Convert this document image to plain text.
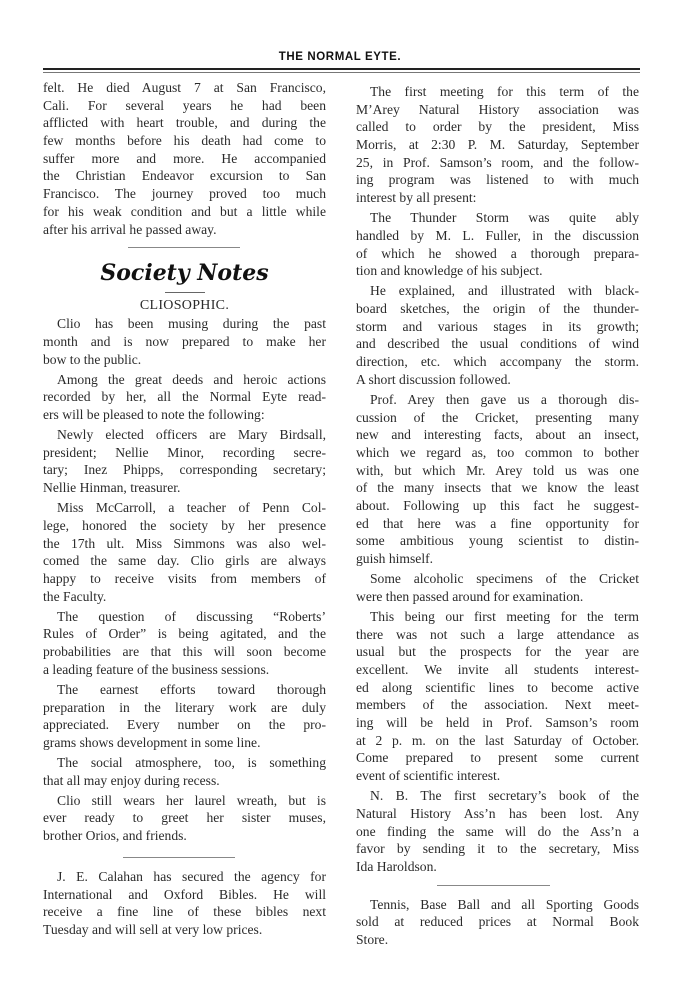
THE NORMAL EYTE.
felt. He died August 7 at San Francisco,
Cali. For several years he had been
afflicted with heart trouble, and during the
few months before his death had come to
suffer more and more. He accompanied
the Christian Endeavor excursion to San
Francisco. The journey proved too much
for his weak condition and but a little while
after his arrival he passed away.
Society Notes
CLIOSOPHIC.
Clio has been musing during the past
month and is now prepared to make her
bow to the public.
Among the great deeds and heroic actions
recorded by her, all the Normal Eyte read-
ers will be pleased to note the following:
Newly elected officers are Mary Birdsall,
president; Nellie Minor, recording secre-
tary; Inez Phipps, corresponding secretary;
Nellie Hinman, treasurer.
Miss McCarroll, a teacher of Penn Col-
lege, honored the society by her presence
the 17th ult. Miss Simmons was also wel-
comed the same day. Clio girls are always
happy to receive visits from members of
the Faculty.
The question of discussing “Roberts’
Rules of Order” is being agitated, and the
probabilities are that this will soon become
a leading feature of the business sessions.
The earnest efforts toward thorough
preparation in the literary work are duly
appreciated. Every number on the pro-
grams shows development in some line.
The social atmosphere, too, is something
that all may enjoy during recess.
Clio still wears her laurel wreath, but is
ever ready to greet her sister muses,
brother Orios, and friends.
J. E. Calahan has secured the agency for
International and Oxford Bibles. He will
receive a fine line of these bibles next
Tuesday and will sell at very low prices.
The first meeting for this term of the
M’Arey Natural History association was
called to order by the president, Miss
Morris, at 2:30 P. M. Saturday, September
25, in Prof. Samson’s room, and the follow-
ing program was listened to with much
interest by all present:
The Thunder Storm was quite ably
handled by M. L. Fuller, in the discussion
of which he showed a thorough prepara-
tion and knowledge of his subject.
He explained, and illustrated with black-
board sketches, the origin of the thunder-
storm and various stages in its growth;
and described the usual conditions of wind
direction, etc. which accompany the storm.
A short discussion followed.
Prof. Arey then gave us a thorough dis-
cussion of the Cricket, presenting many
new and interesting facts, about an insect,
which we regard as, too common to bother
with, but which Mr. Arey told us was one
of the many insects that we know the least
about. Following up this fact he suggest-
ed that here was a fine opportunity for
some ambitious young scientist to distin-
guish himself.
Some alcoholic specimens of the Cricket
were then passed around for examination.
This being our first meeting for the term
there was not such a large attendance as
usual but the prospects for the year are
excellent. We invite all students interest-
ed along scientific lines to become active
members of the association. Next meet-
ing will be held in Prof. Samson’s room
at 2 p. m. on the last Saturday of October.
Come prepared to present some current
event of scientific interest.
N. B. The first secretary’s book of the
Natural History Ass’n has been lost. Any
one finding the same will do the Ass’n a
favor by sending it to the secretary, Miss
Ida Haroldson.
Tennis, Base Ball and all Sporting Goods
sold at reduced prices at Normal Book
Store.
